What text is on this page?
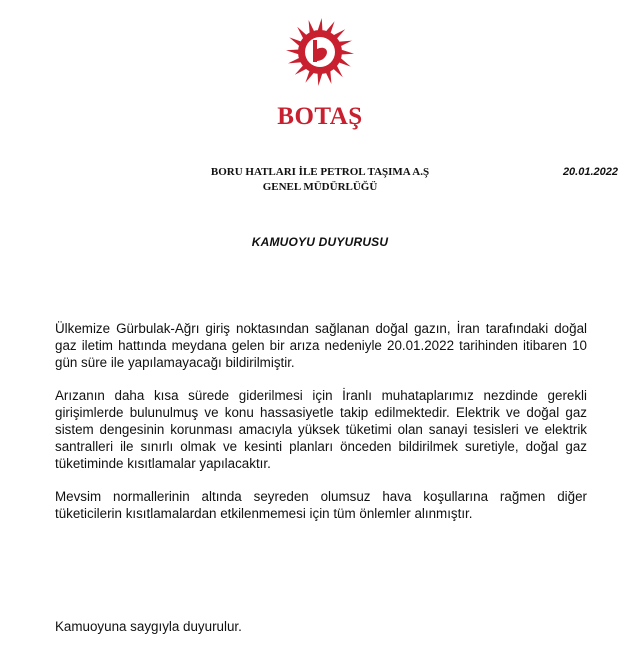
BOTAŞ
BORU HATLARI İLE PETROL TAŞIMA A.Ş
GENEL MÜDÜRLÜĞÜ
20.01.2022
KAMUOYU DUYURUSU

Ülkemize Gürbulak-Ağrı giriş noktasından sağlanan doğal gazın, İran tarafındaki doğal gaz iletim hattında meydana gelen bir arıza nedeniyle 20.01.2022 tarihinden itibaren 10 gün süre ile yapılamayacağı bildirilmiştir.

Arızanın daha kısa sürede giderilmesi için İranlı muhataplarımız nezdinde gerekli girişimlerde bulunulmuş ve konu hassasiyetle takip edilmektedir. Elektrik ve doğal gaz sistem dengesinin korunması amacıyla yüksek tüketimi olan sanayi tesisleri ve elektrik santralleri ile sınırlı olmak ve kesinti planları önceden bildirilmek suretiyle, doğal gaz tüketiminde kısıtlamalar yapılacaktır.

Mevsim normallerinin altında seyreden olumsuz hava koşullarına rağmen diğer tüketicilerin kısıtlamalardan etkilenmemesi için tüm önlemler alınmıştır.

Kamuoyuna saygıyla duyurulur.
